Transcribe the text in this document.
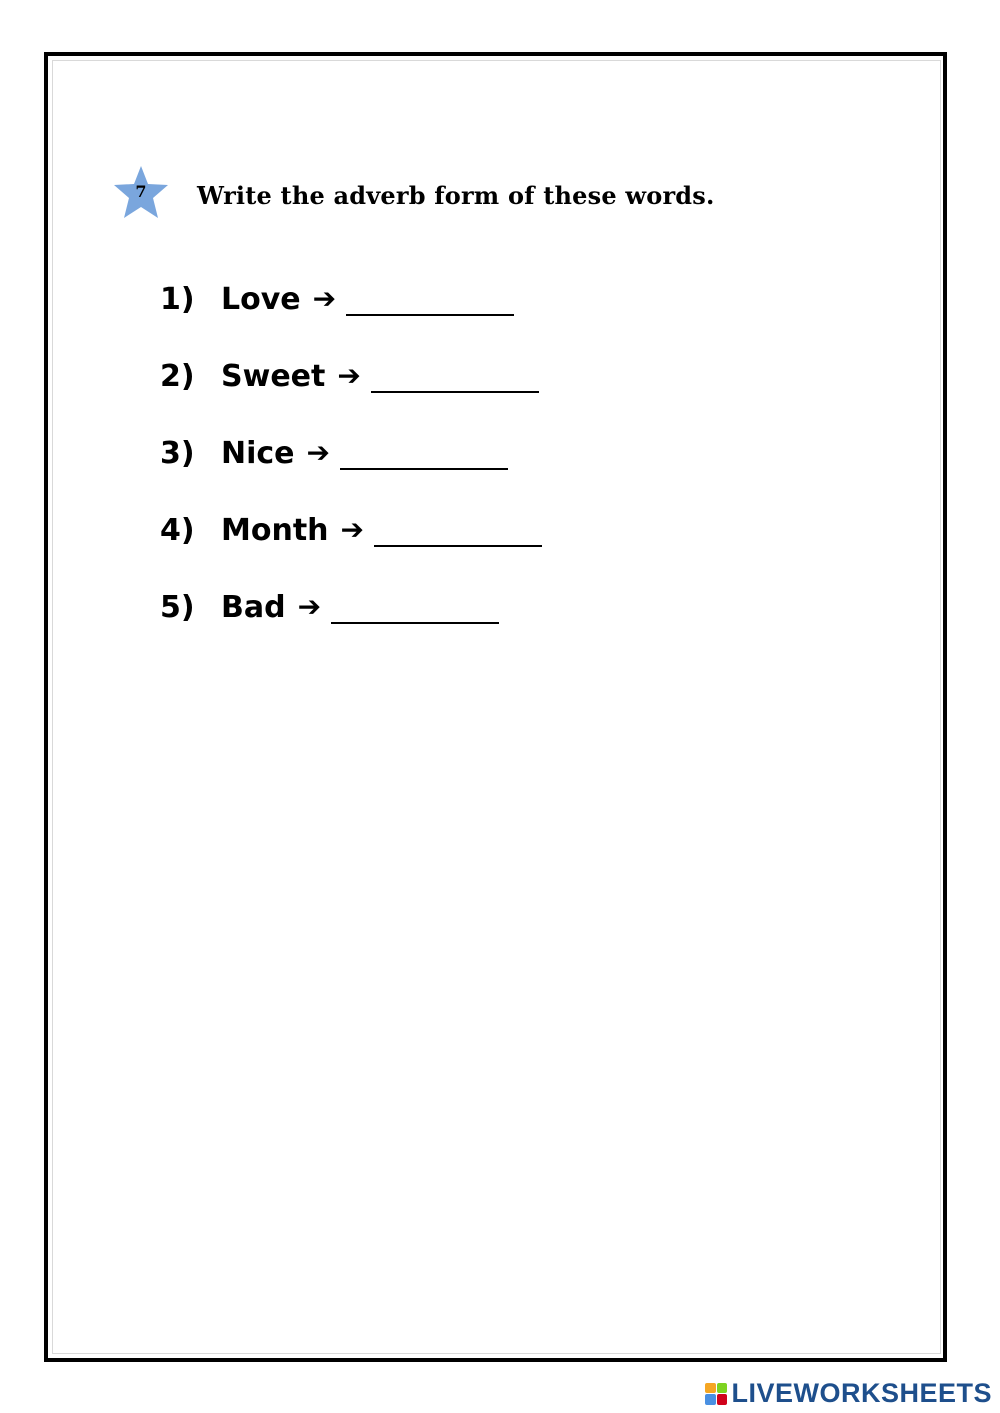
7	Write the adverb form of these words.
1) Love ➔
2) Sweet ➔
3) Nice ➔
4) Month ➔
5) Bad ➔
LIVEWORKSHEETS
